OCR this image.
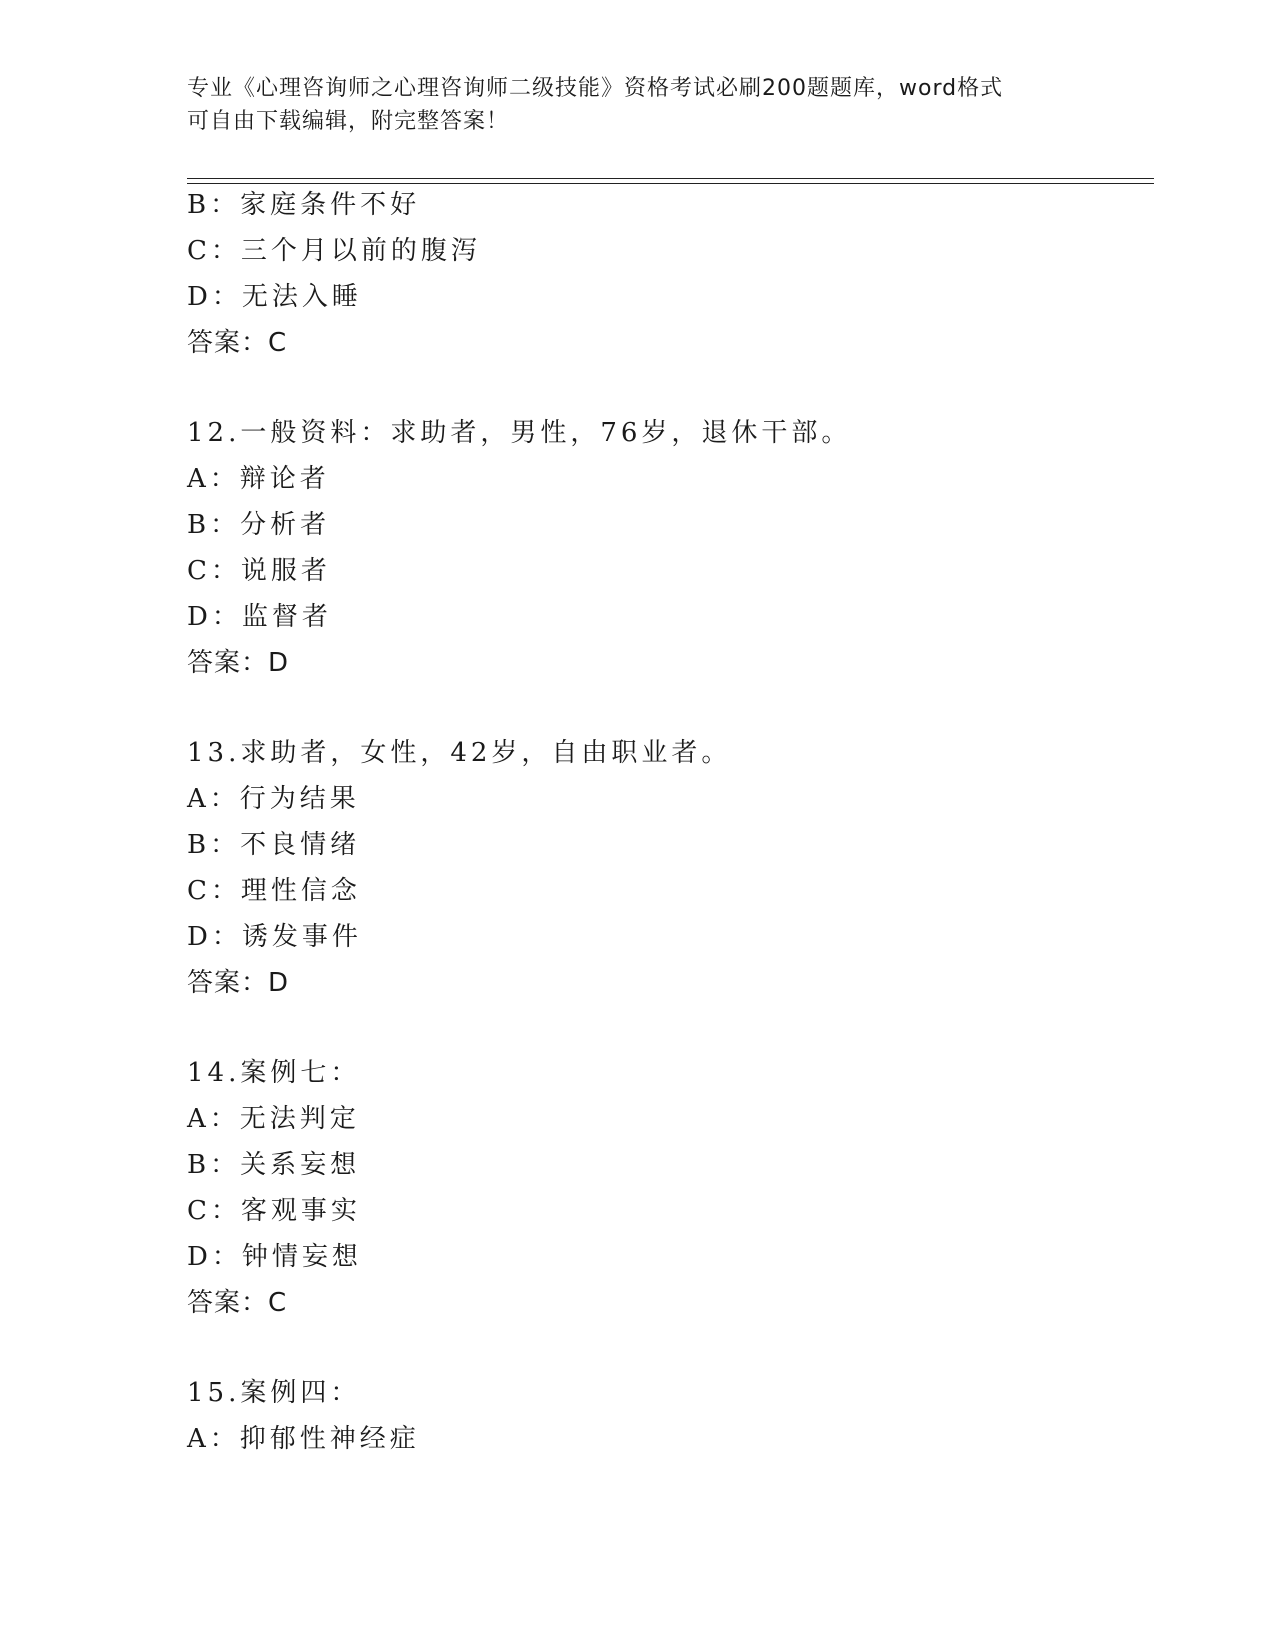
专业《心理咨询师之心理咨询师二级技能》资格考试必刷200题题库，word格式
可自由下载编辑，附完整答案！
B：家庭条件不好
C：三个月以前的腹泻
D：无法入睡
答案：C
12.一般资料：求助者，男性，76岁，退休干部。
A：辩论者
B：分析者
C：说服者
D：监督者
答案：D
13.求助者，女性，42岁，自由职业者。
A：行为结果
B：不良情绪
C：理性信念
D：诱发事件
答案：D
14.案例七：
A：无法判定
B：关系妄想
C：客观事实
D：钟情妄想
答案：C
15.案例四：
A：抑郁性神经症
